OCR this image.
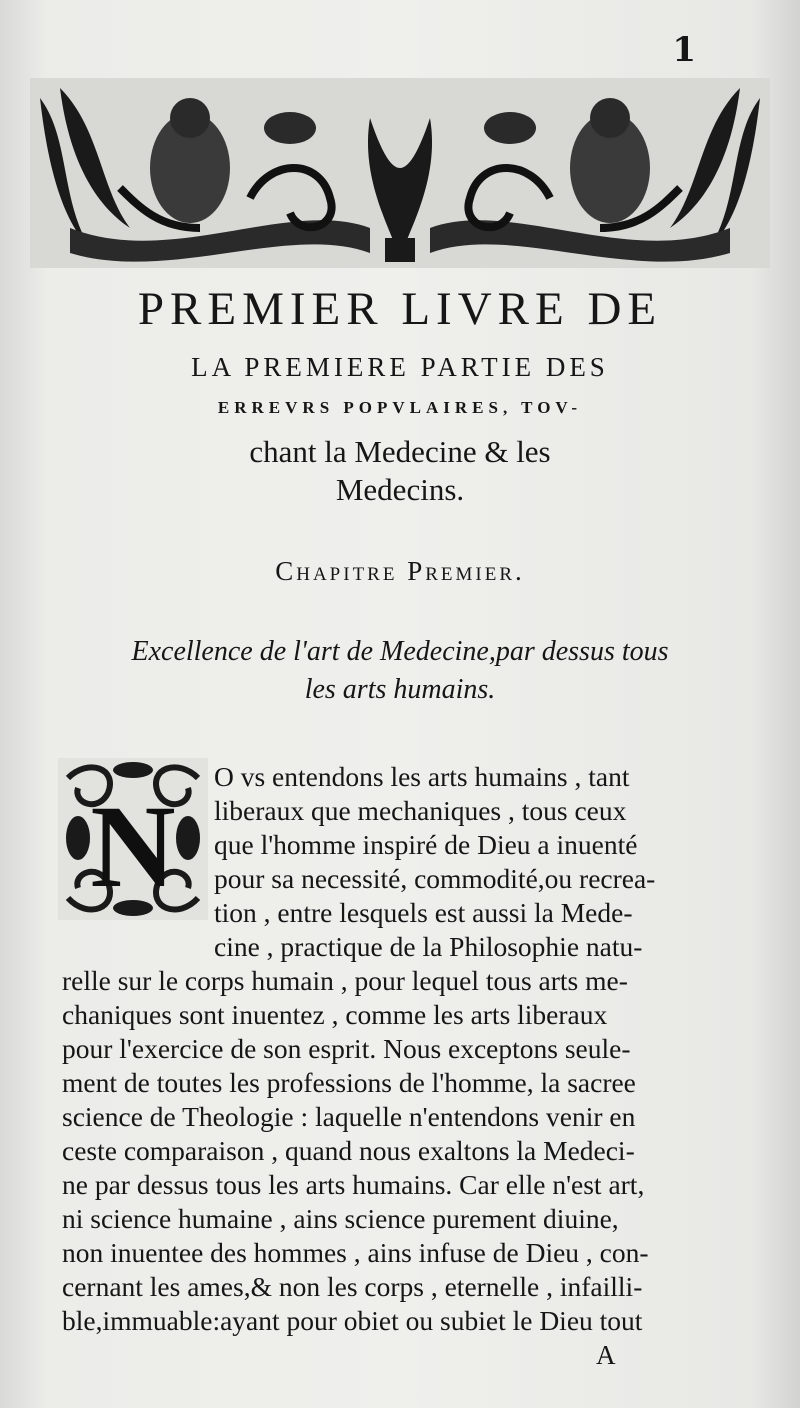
1
PREMIER LIVRE DE
LA PREMIERE PARTIE DES
ERREVRS POPVLAIRES, TOV-
chant la Medecine & les
Medecins.
Chapitre Premier.
Excellence de l'art de Medecine,par dessus tous
les arts humains.
N
O vs entendons les arts humains , tant
liberaux que mechaniques , tous ceux
que l'homme inspiré de Dieu a inuenté
pour sa necessité, commodité,ou recrea-
tion , entre lesquels est aussi la Mede-
cine , practique de la Philosophie natu-
relle sur le corps humain , pour lequel tous arts me-
chaniques sont inuentez , comme les arts liberaux
pour l'exercice de son esprit. Nous exceptons seule-
ment de toutes les professions de l'homme, la sacree
science de Theologie : laquelle n'entendons venir en
ceste comparaison , quand nous exaltons la Medeci-
ne par dessus tous les arts humains. Car elle n'est art,
ni science humaine , ains science purement diuine,
non inuentee des hommes , ains infuse de Dieu , con-
cernant les ames,& non les corps , eternelle , infailli-
ble,immuable:ayant pour obiet ou subiet le Dieu tout
A
